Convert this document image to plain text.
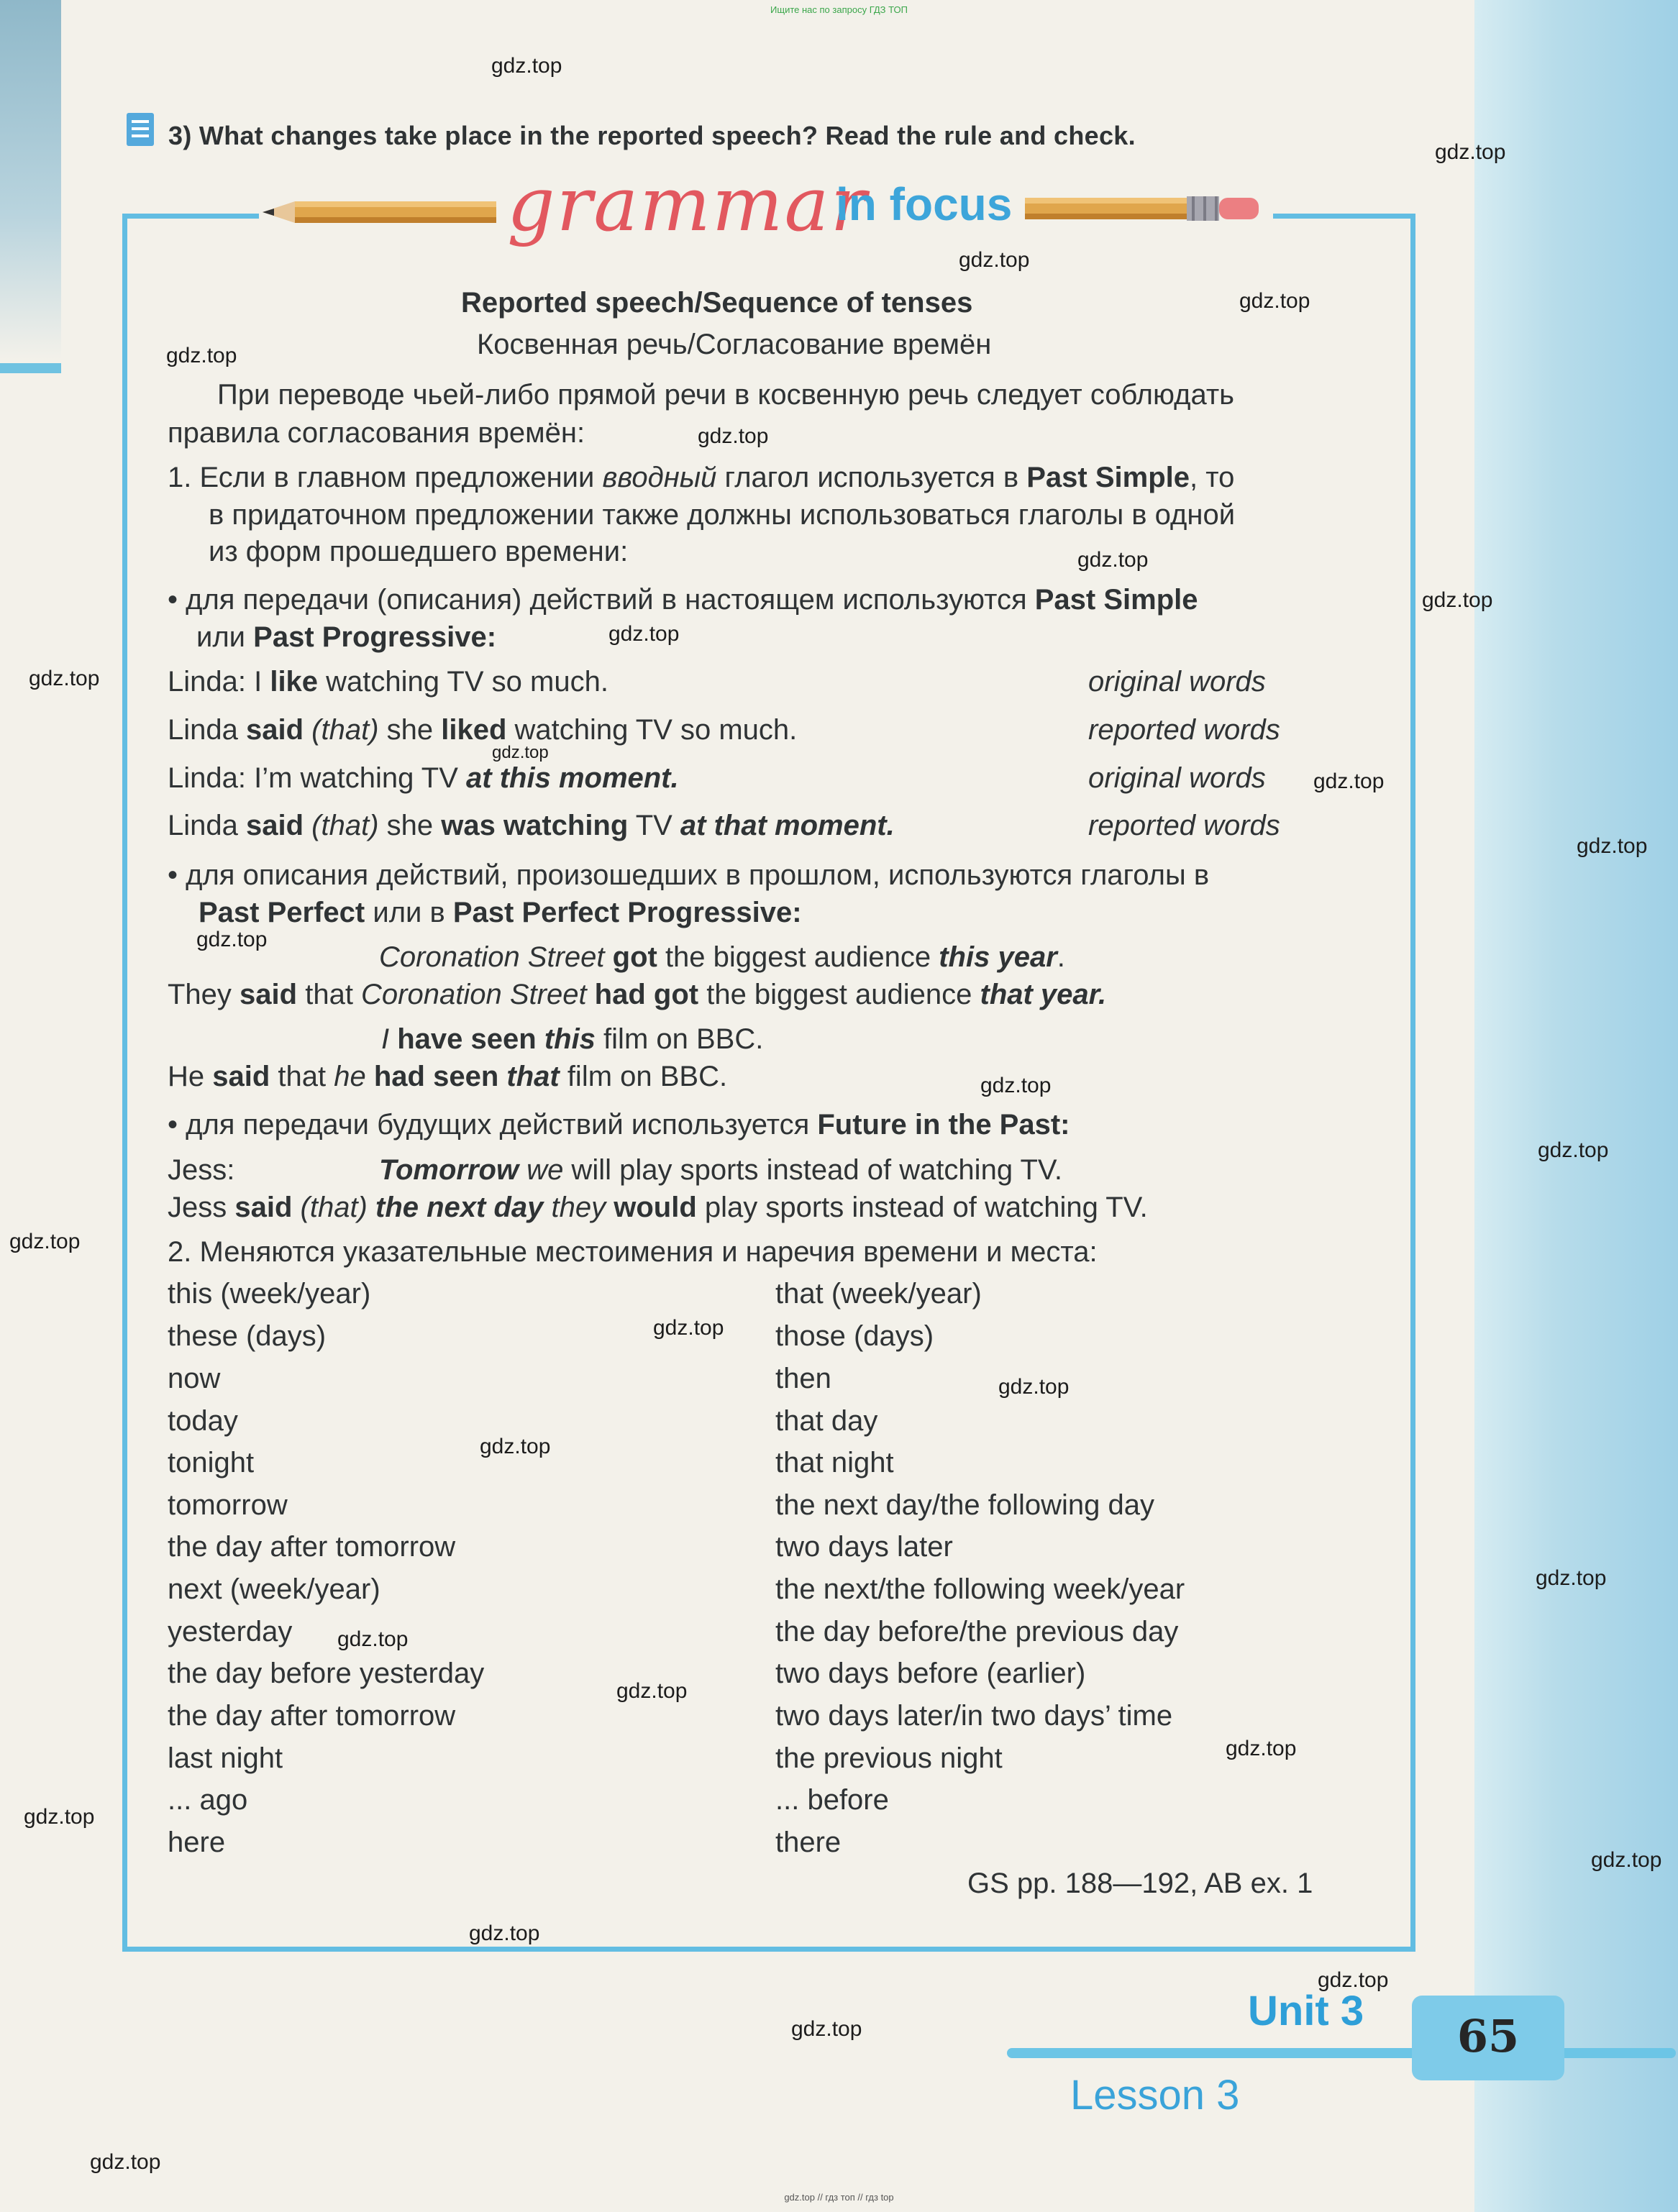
Ищите нас по запросу ГДЗ ТОП
gdz.top
gdz.top
gdz.top
gdz.top
gdz.top
gdz.top
gdz.top
gdz.top
gdz.top
gdz.top
gdz.top
gdz.top
gdz.top
gdz.top
gdz.top
gdz.top
gdz.top
gdz.top
gdz.top
gdz.top
gdz.top
gdz.top
gdz.top
gdz.top
gdz.top
gdz.top
gdz.top
gdz.top
gdz.top
gdz.top
3) What changes take place in the reported speech? Read the rule and check.
grammar
in focus
Reported speech/Sequence of tenses
Косвенная речь/Согласование времён
При переводе чьей-либо прямой речи в косвенную речь следует соблюдать
правила согласования времён:
1. Если в главном предложении вводный глагол используется в Past Simple, то
в придаточном предложении также должны использоваться глаголы в одной
из форм прошедшего времени:
• для передачи (описания) действий в настоящем используются Past Simple
или Past Progressive:
Linda: I like watching TV so much.	original words
Linda said (that) she liked watching TV so much.	reported words
Linda: I’m watching TV at this moment.	original words
Linda said (that) she was watching TV at that moment.	reported words
• для описания действий, произошедших в прошлом, используются глаголы в
Past Perfect или в Past Perfect Progressive:
Coronation Street got the biggest audience this year.
They said that Coronation Street had got the biggest audience that year.
I have seen this film on BBC.
He said that he had seen that film on BBC.
• для передачи будущих действий используется Future in the Past:
Jess:	Tomorrow we will play sports instead of watching TV.
Jess said (that) the next day they would play sports instead of watching TV.
2. Меняются указательные местоимения и наречия времени и места:
this (week/year)	that (week/year)
these (days)	those (days)
now	then
today	that day
tonight	that night
tomorrow	the next day/the following day
the day after tomorrow	two days later
next (week/year)	the next/the following week/year
yesterday	the day before/the previous day
the day before yesterday	two days before (earlier)
the day after tomorrow	two days later/in two days’ time
last night	the previous night
... ago	... before
here	there
GS pp. 188—192, AB ex. 1
Unit 3
Lesson 3
65
gdz.top // гдз топ // гдз top
